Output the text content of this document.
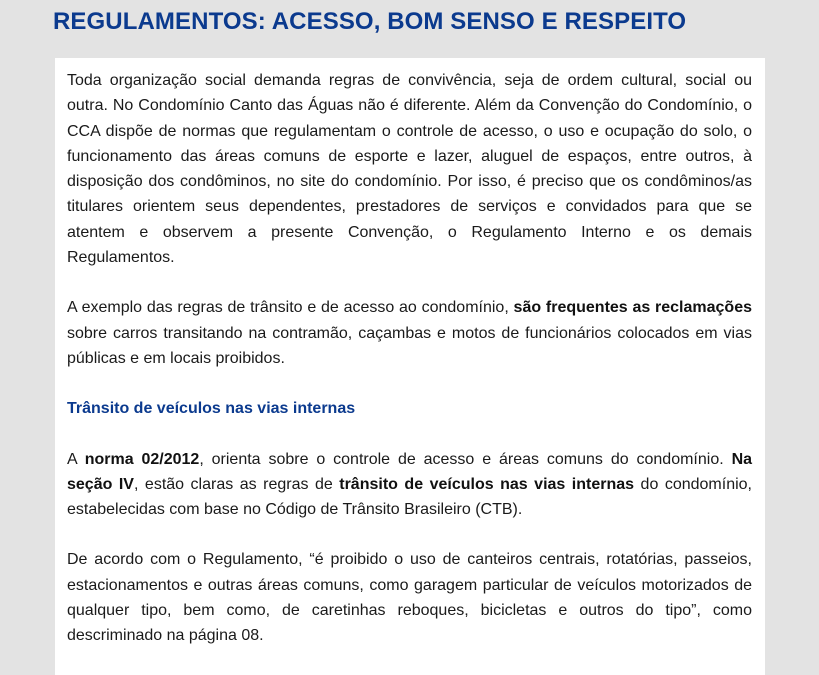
REGULAMENTOS: ACESSO, BOM SENSO E RESPEITO

Toda organização social demanda regras de convivência, seja de ordem cultural, social ou outra. No Condomínio Canto das Águas não é diferente. Além da Convenção do Condomínio, o CCA dispõe de normas que regulamentam o controle de acesso, o uso e ocupação do solo, o funcionamento das áreas comuns de esporte e lazer, aluguel de espaços, entre outros, à disposição dos condôminos, no site do condomínio. Por isso, é preciso que os condôminos/as titulares orientem seus dependentes, prestadores de serviços e convidados para que se atentem e observem a presente Convenção, o Regulamento Interno e os demais Regulamentos.

A exemplo das regras de trânsito e de acesso ao condomínio, são frequentes as reclamações sobre carros transitando na contramão, caçambas e motos de funcionários colocados em vias públicas e em locais proibidos.

Trânsito de veículos nas vias internas

A norma 02/2012, orienta sobre o controle de acesso e áreas comuns do condomínio. Na seção IV, estão claras as regras de trânsito de veículos nas vias internas do condomínio, estabelecidas com base no Código de Trânsito Brasileiro (CTB).

De acordo com o Regulamento, “é proibido o uso de canteiros centrais, rotatórias, passeios, estacionamentos e outras áreas comuns, como garagem particular de veículos motorizados de qualquer tipo, bem como, de caretinhas reboques, bicicletas e outros do tipo”, como descriminado na página 08.
